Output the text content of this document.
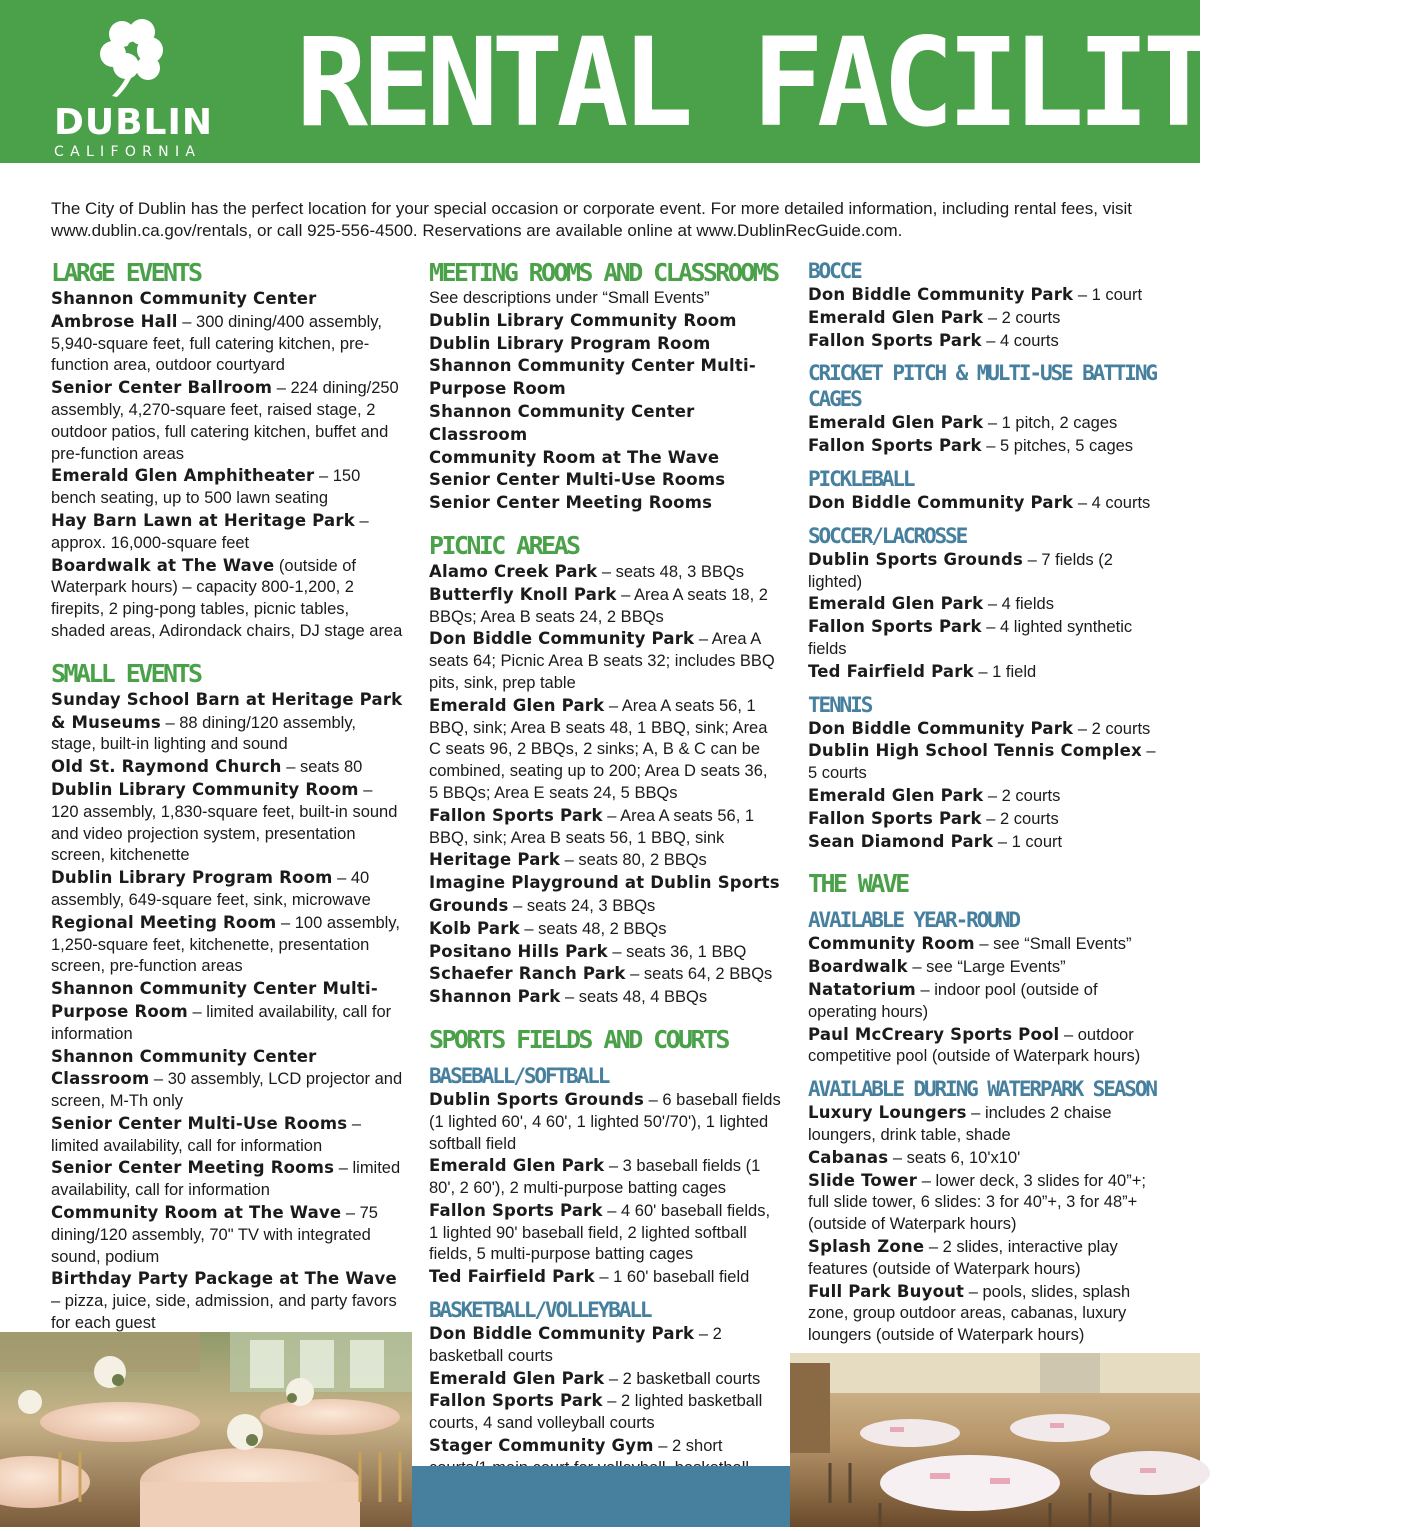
DUBLIN
CALIFORNIA RENTAL FACILITIES

The City of Dublin has the perfect location for your special occasion or corporate event. For more detailed information, including rental fees, visit www.dublin.ca.gov/rentals, or call 925-556-4500. Reservations are available online at www.DublinRecGuide.com.

LARGE EVENTS

Shannon Community Center

Ambrose Hall – 300 dining/400 assembly, 5,940-square feet, full catering kitchen, pre-function area, outdoor courtyard

Senior Center Ballroom – 224 dining/250 assembly, 4,270-square feet, raised stage, 2 outdoor patios, full catering kitchen, buffet and pre-function areas

Emerald Glen Amphitheater – 150 bench seating, up to 500 lawn seating

Hay Barn Lawn at Heritage Park – approx. 16,000-square feet

Boardwalk at The Wave (outside of Waterpark hours) – capacity 800-1,200, 2 firepits, 2 ping-pong tables, picnic tables, shaded areas, Adirondack chairs, DJ stage area

SMALL EVENTS

Sunday School Barn at Heritage Park & Museums – 88 dining/120 assembly, stage, built-in lighting and sound

Old St. Raymond Church – seats 80

Dublin Library Community Room – 120 assembly, 1,830-square feet, built-in sound and video projection system, presentation screen, kitchenette

Dublin Library Program Room – 40 assembly, 649-square feet, sink, microwave

Regional Meeting Room – 100 assembly, 1,250-square feet, kitchenette, presentation screen, pre-function areas

Shannon Community Center Multi-Purpose Room – limited availability, call for information

Shannon Community Center Classroom – 30 assembly, LCD projector and screen, M-Th only

Senior Center Multi-Use Rooms – limited availability, call for information

Senior Center Meeting Rooms – limited availability, call for information

Community Room at The Wave – 75 dining/120 assembly, 70" TV with integrated sound, podium

Birthday Party Package at The Wave – pizza, juice, side, admission, and party favors for each guest

MEETING ROOMS AND CLASSROOMS

See descriptions under “Small Events”

Dublin Library Community Room

Dublin Library Program Room

Shannon Community Center Multi-Purpose Room

Shannon Community Center Classroom

Community Room at The Wave

Senior Center Multi-Use Rooms

Senior Center Meeting Rooms

PICNIC AREAS

Alamo Creek Park – seats 48, 3 BBQs

Butterfly Knoll Park – Area A seats 18, 2 BBQs; Area B seats 24, 2 BBQs

Don Biddle Community Park – Area A seats 64; Picnic Area B seats 32; includes BBQ pits, sink, prep table

Emerald Glen Park – Area A seats 56, 1 BBQ, sink; Area B seats 48, 1 BBQ, sink; Area C seats 96, 2 BBQs, 2 sinks; A, B & C can be combined, seating up to 200; Area D seats 36, 5 BBQs; Area E seats 24, 5 BBQs

Fallon Sports Park – Area A seats 56, 1 BBQ, sink; Area B seats 56, 1 BBQ, sink

Heritage Park – seats 80, 2 BBQs

Imagine Playground at Dublin Sports Grounds – seats 24, 3 BBQs

Kolb Park – seats 48, 2 BBQs

Positano Hills Park – seats 36, 1 BBQ

Schaefer Ranch Park – seats 64, 2 BBQs

Shannon Park – seats 48, 4 BBQs

SPORTS FIELDS AND COURTS
BASEBALL/SOFTBALL

Dublin Sports Grounds – 6 baseball fields (1 lighted 60', 4 60', 1 lighted 50'/70'), 1 lighted softball field

Emerald Glen Park – 3 baseball fields (1 80', 2 60'), 2 multi-purpose batting cages

Fallon Sports Park – 4 60' baseball fields, 1 lighted 90' baseball field, 2 lighted softball fields, 5 multi-purpose batting cages

Ted Fairfield Park – 1 60' baseball field

BASKETBALL/VOLLEYBALL

Don Biddle Community Park – 2 basketball courts

Emerald Glen Park – 2 basketball courts

Fallon Sports Park – 2 lighted basketball courts, 4 sand volleyball courts

Stager Community Gym – 2 short

BOCCE

Don Biddle Community Park – 1 court

Emerald Glen Park – 2 courts

Fallon Sports Park – 4 courts

CRICKET PITCH & MULTI-USE BATTING CAGES

Emerald Glen Park – 1 pitch, 2 cages

Fallon Sports Park – 5 pitches, 5 cages

PICKLEBALL

Don Biddle Community Park – 4 courts

SOCCER/LACROSSE

Dublin Sports Grounds – 7 fields (2 lighted)

Emerald Glen Park – 4 fields

Fallon Sports Park – 4 lighted synthetic fields

Ted Fairfield Park – 1 field

TENNIS

Don Biddle Community Park – 2 courts

Dublin High School Tennis Complex – 5 courts

Emerald Glen Park – 2 courts

Fallon Sports Park – 2 courts

Sean Diamond Park – 1 court

THE WAVE
AVAILABLE YEAR-ROUND

Community Room – see “Small Events”

Boardwalk – see “Large Events”

Natatorium – indoor pool (outside of operating hours)

Paul McCreary Sports Pool – outdoor competitive pool (outside of Waterpark hours)

AVAILABLE DURING WATERPARK SEASON

Luxury Loungers – includes 2 chaise loungers, drink table, shade

Cabanas – seats 6, 10'x10'

Slide Tower – lower deck, 3 slides for 40”+; full slide tower, 6 slides: 3 for 40”+, 3 for 48”+ (outside of Waterpark hours)

Splash Zone – 2 slides, interactive play features (outside of Waterpark hours)

Full Park Buyout – pools, slides, splash zone, group outdoor areas, cabanas, luxury loungers (outside of Waterpark hours)
